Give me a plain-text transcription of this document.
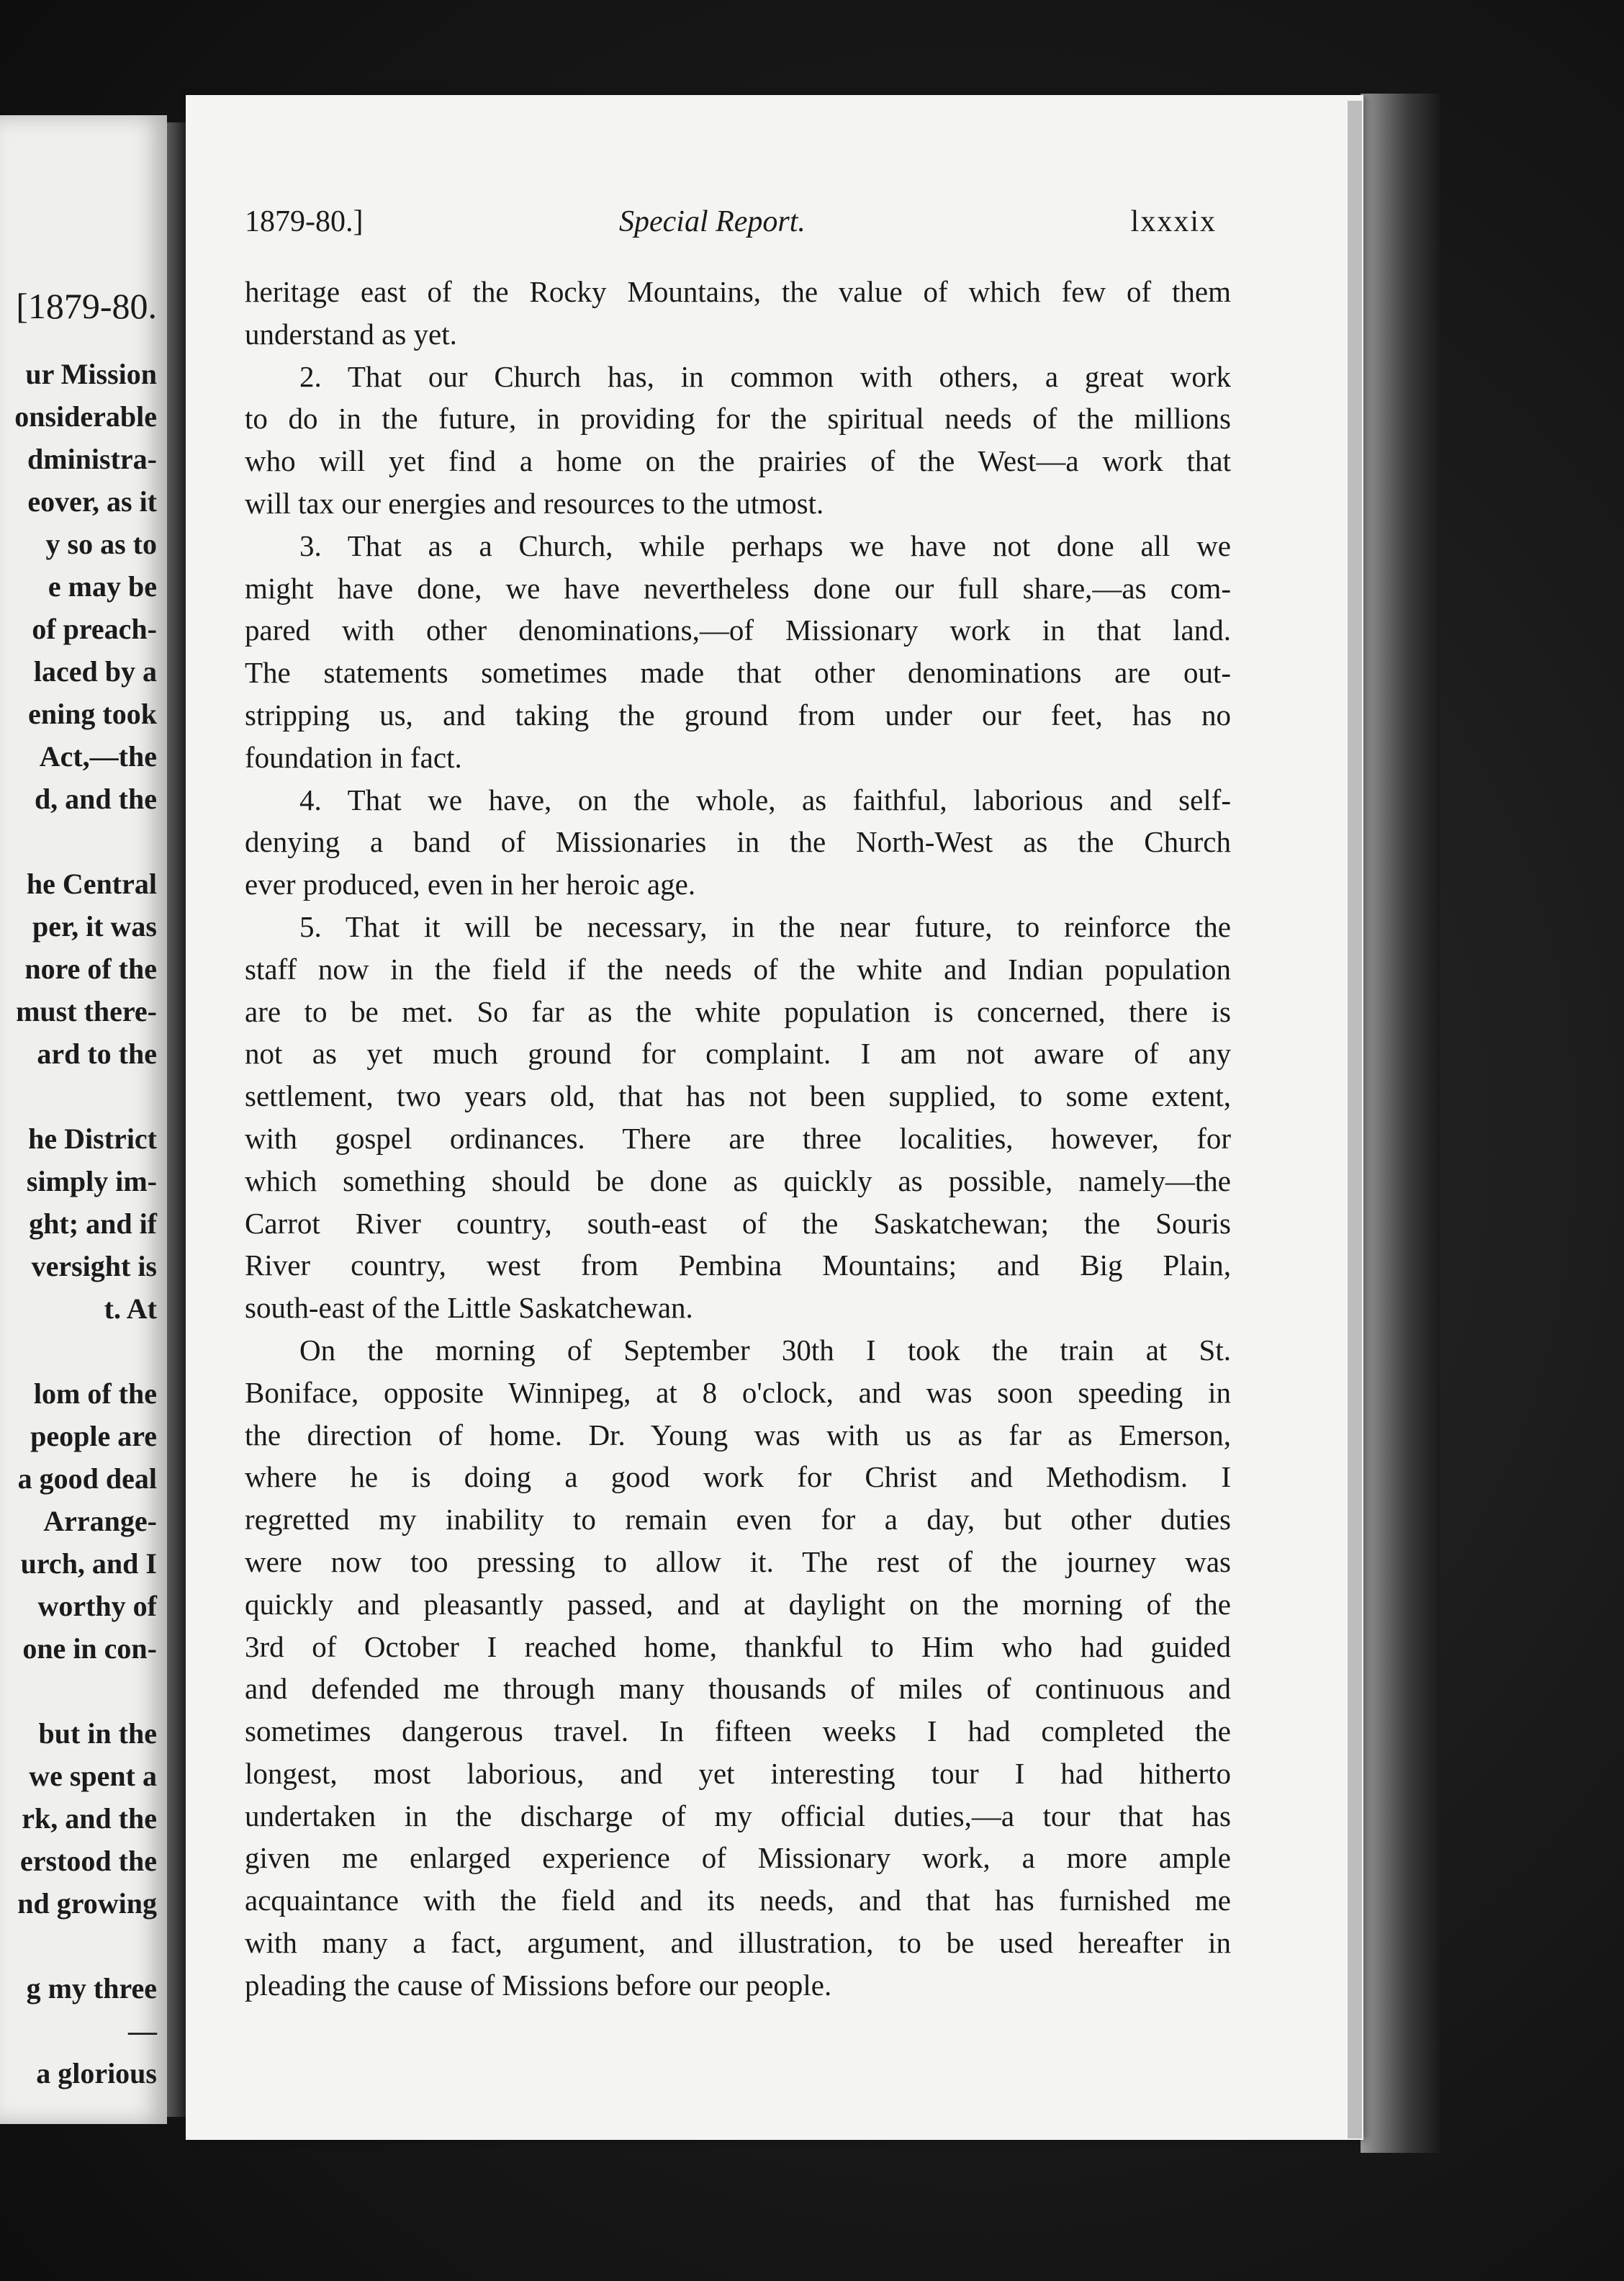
[1879-80.
ur Mission
onsiderable
dministra-
eover, as it
y so as to
e may be
of preach-
laced by a
ening took
Act,—the
d, and the
he Central
per, it was
nore of the
must there-
ard to the
he District
simply im-
ght; and if
versight is
t. At
lom of the
people are
a good deal
Arrange-
urch, and I
worthy of
one in con-
but in the
we spent a
rk, and the
erstood the
nd growing
g my three
—
a glorious
1879-80.]	Special Report.	lxxxix
heritage east of the Rocky Mountains, the value of which few of them
understand as yet.
2. That our Church has, in common with others, a great work
to do in the future, in providing for the spiritual needs of the millions
who will yet find a home on the prairies of the West—a work that
will tax our energies and resources to the utmost.
3. That as a Church, while perhaps we have not done all we
might have done, we have nevertheless done our full share,—as com-
pared with other denominations,—of Missionary work in that land.
The statements sometimes made that other denominations are out-
stripping us, and taking the ground from under our feet, has no
foundation in fact.
4. That we have, on the whole, as faithful, laborious and self-
denying a band of Missionaries in the North-West as the Church
ever produced, even in her heroic age.
5. That it will be necessary, in the near future, to reinforce the
staff now in the field if the needs of the white and Indian population
are to be met. So far as the white population is concerned, there is
not as yet much ground for complaint. I am not aware of any
settlement, two years old, that has not been supplied, to some extent,
with gospel ordinances. There are three localities, however, for
which something should be done as quickly as possible, namely—the
Carrot River country, south-east of the Saskatchewan; the Souris
River country, west from Pembina Mountains; and Big Plain,
south-east of the Little Saskatchewan.
On the morning of September 30th I took the train at St.
Boniface, opposite Winnipeg, at 8 o'clock, and was soon speeding in
the direction of home. Dr. Young was with us as far as Emerson,
where he is doing a good work for Christ and Methodism. I
regretted my inability to remain even for a day, but other duties
were now too pressing to allow it. The rest of the journey was
quickly and pleasantly passed, and at daylight on the morning of the
3rd of October I reached home, thankful to Him who had guided
and defended me through many thousands of miles of continuous and
sometimes dangerous travel. In fifteen weeks I had completed the
longest, most laborious, and yet interesting tour I had hitherto
undertaken in the discharge of my official duties,—a tour that has
given me enlarged experience of Missionary work, a more ample
acquaintance with the field and its needs, and that has furnished me
with many a fact, argument, and illustration, to be used hereafter in
pleading the cause of Missions before our people.
